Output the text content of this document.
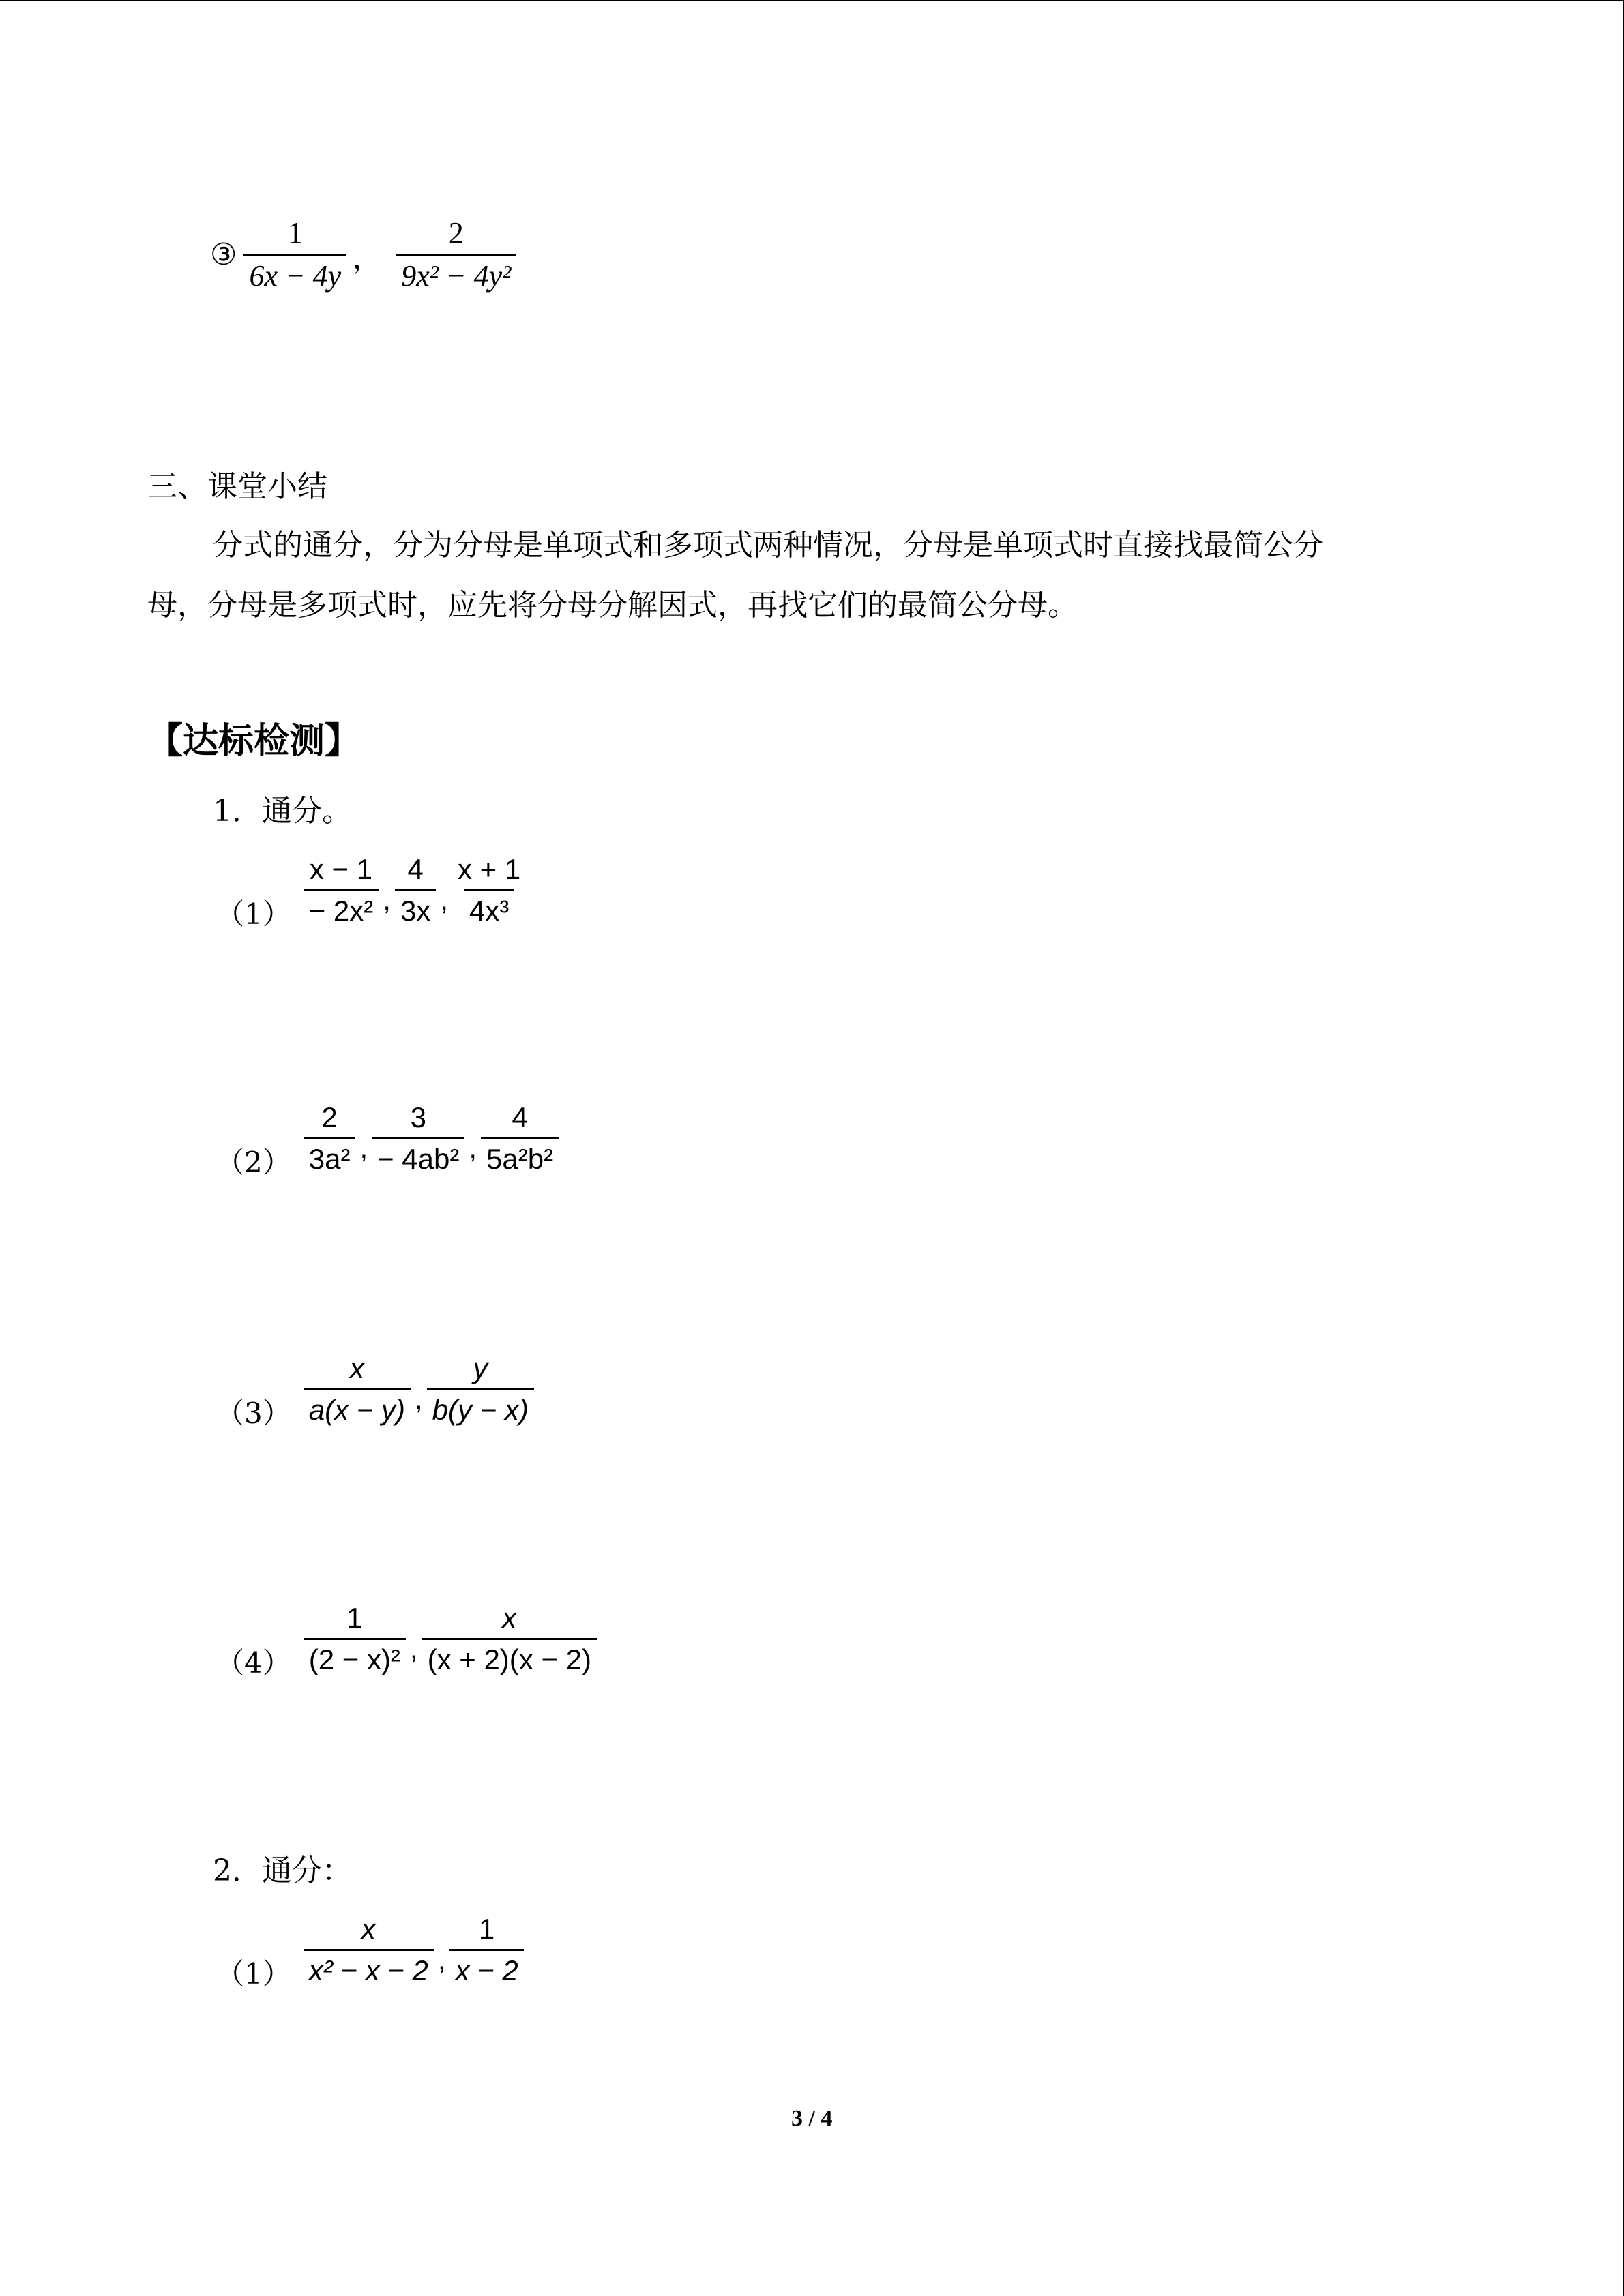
③ $\frac{1}{6x - 4y}$ ， $\frac{2}{\text{9x² − 4y²}}$
三、课堂小结
分式的通分，分为分母是单项式和多项式两种情况，分母是单项式时直接找最简公分
母，分母是多项式时，应先将分母分解因式，再找它们的最简公分母。
【达标检测】
1．通分。
$(1) \frac{x - 1}{\text{− 2x²}}$ , $\frac{4}{3x}$ , $\frac{x + 1}{\text{4x³}}$
$(2) \frac{2}{\text{3a²}}$ , $\frac{3}{\text{− 4ab²}}$ , $\frac{4}{\text{5a²b²}}$
$(3) \frac{x}{a(x - y)}$ , $\frac{y}{b(y - x)}$
$(4) \frac{1}{\text{(2 − x)²}}$ , $\frac{x}{(x + 2)(x - 2)}$
2．通分：
$(1) \frac{x}{\text{x² − x − 2}}$ , $\frac{1}{x - 2}$
3 / 4
